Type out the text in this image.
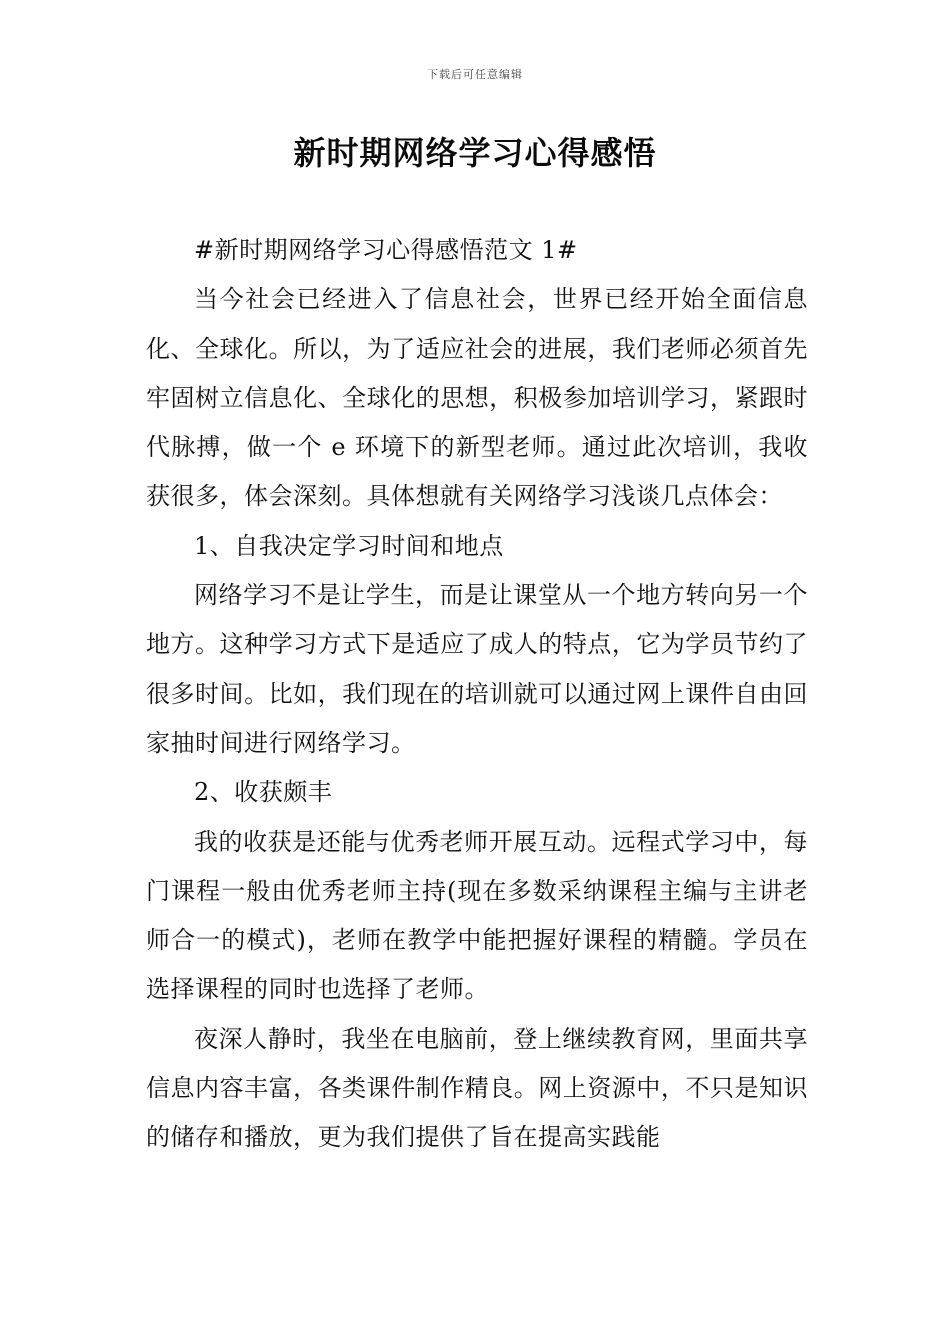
下载后可任意编辑
新时期网络学习心得感悟

#新时期网络学习心得感悟范文 1#

当今社会已经进入了信息社会，世界已经开始全面信息化、全球化。所以，为了适应社会的进展，我们老师必须首先牢固树立信息化、全球化的思想，积极参加培训学习，紧跟时代脉搏，做一个 e 环境下的新型老师。通过此次培训，我收获很多，体会深刻。具体想就有关网络学习浅谈几点体会：

1、自我决定学习时间和地点

网络学习不是让学生，而是让课堂从一个地方转向另一个地方。这种学习方式下是适应了成人的特点，它为学员节约了很多时间。比如，我们现在的培训就可以通过网上课件自由回家抽时间进行网络学习。

2、收获颇丰

我的收获是还能与优秀老师开展互动。远程式学习中，每门课程一般由优秀老师主持(现在多数采纳课程主编与主讲老师合一的模式)，老师在教学中能把握好课程的精髓。学员在选择课程的同时也选择了老师。

夜深人静时，我坐在电脑前，登上继续教育网，里面共享信息内容丰富，各类课件制作精良。网上资源中，不只是知识的储存和播放，更为我们提供了旨在提高实践能
